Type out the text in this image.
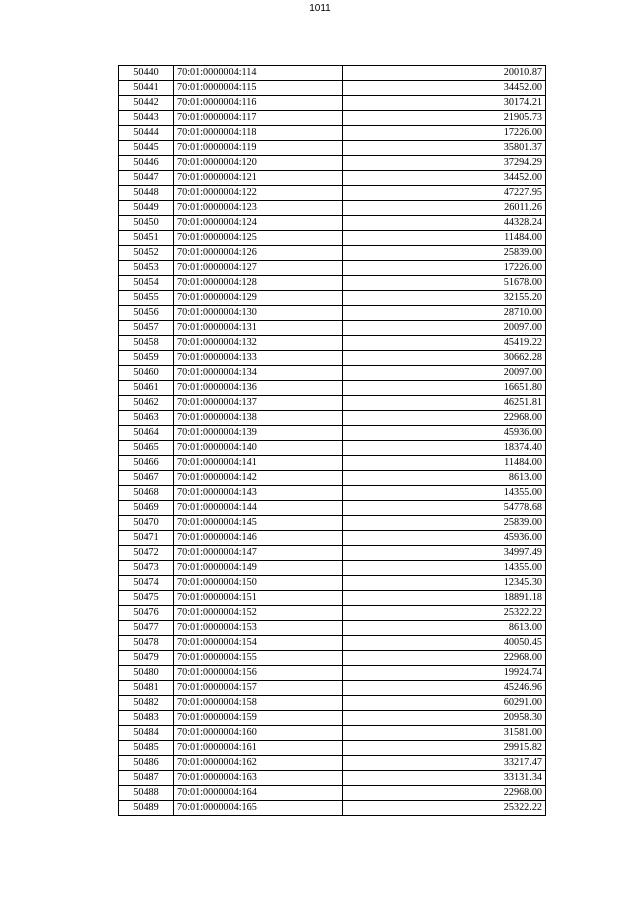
1011
50440	70:01:0000004:114	20010.87
50441	70:01:0000004:115	34452.00
50442	70:01:0000004:116	30174.21
50443	70:01:0000004:117	21905.73
50444	70:01:0000004:118	17226.00
50445	70:01:0000004:119	35801.37
50446	70:01:0000004:120	37294.29
50447	70:01:0000004:121	34452.00
50448	70:01:0000004:122	47227.95
50449	70:01:0000004:123	26011.26
50450	70:01:0000004:124	44328.24
50451	70:01:0000004:125	11484.00
50452	70:01:0000004:126	25839.00
50453	70:01:0000004:127	17226.00
50454	70:01:0000004:128	51678.00
50455	70:01:0000004:129	32155.20
50456	70:01:0000004:130	28710.00
50457	70:01:0000004:131	20097.00
50458	70:01:0000004:132	45419.22
50459	70:01:0000004:133	30662.28
50460	70:01:0000004:134	20097.00
50461	70:01:0000004:136	16651.80
50462	70:01:0000004:137	46251.81
50463	70:01:0000004:138	22968.00
50464	70:01:0000004:139	45936.00
50465	70:01:0000004:140	18374.40
50466	70:01:0000004:141	11484.00
50467	70:01:0000004:142	8613.00
50468	70:01:0000004:143	14355.00
50469	70:01:0000004:144	54778.68
50470	70:01:0000004:145	25839.00
50471	70:01:0000004:146	45936.00
50472	70:01:0000004:147	34997.49
50473	70:01:0000004:149	14355.00
50474	70:01:0000004:150	12345.30
50475	70:01:0000004:151	18891.18
50476	70:01:0000004:152	25322.22
50477	70:01:0000004:153	8613.00
50478	70:01:0000004:154	40050.45
50479	70:01:0000004:155	22968.00
50480	70:01:0000004:156	19924.74
50481	70:01:0000004:157	45246.96
50482	70:01:0000004:158	60291.00
50483	70:01:0000004:159	20958.30
50484	70:01:0000004:160	31581.00
50485	70:01:0000004:161	29915.82
50486	70:01:0000004:162	33217.47
50487	70:01:0000004:163	33131.34
50488	70:01:0000004:164	22968.00
50489	70:01:0000004:165	25322.22
